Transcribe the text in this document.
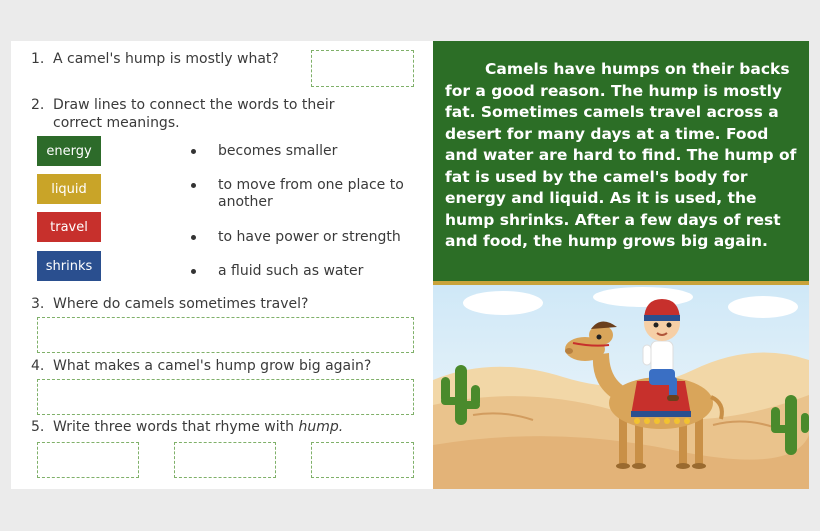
1. A camel's hump is mostly what?
2. Draw lines to connect the words to their
correct meanings.
energy
liquid
travel
shrinks
becomes smaller
to move from one place to
another
to have power or strength
a fluid such as water
3. Where do camels sometimes travel?
4. What makes a camel's hump grow big again?
5. Write three words that rhyme with hump.

Camels have humps on their backs for a good reason. The hump is mostly fat. Sometimes camels travel across a desert for many days at a time. Food and water are hard to find. The hump of fat is used by the camel's body for energy and liquid. As it is used, the hump shrinks. After a few days of rest and food, the hump grows big again.
